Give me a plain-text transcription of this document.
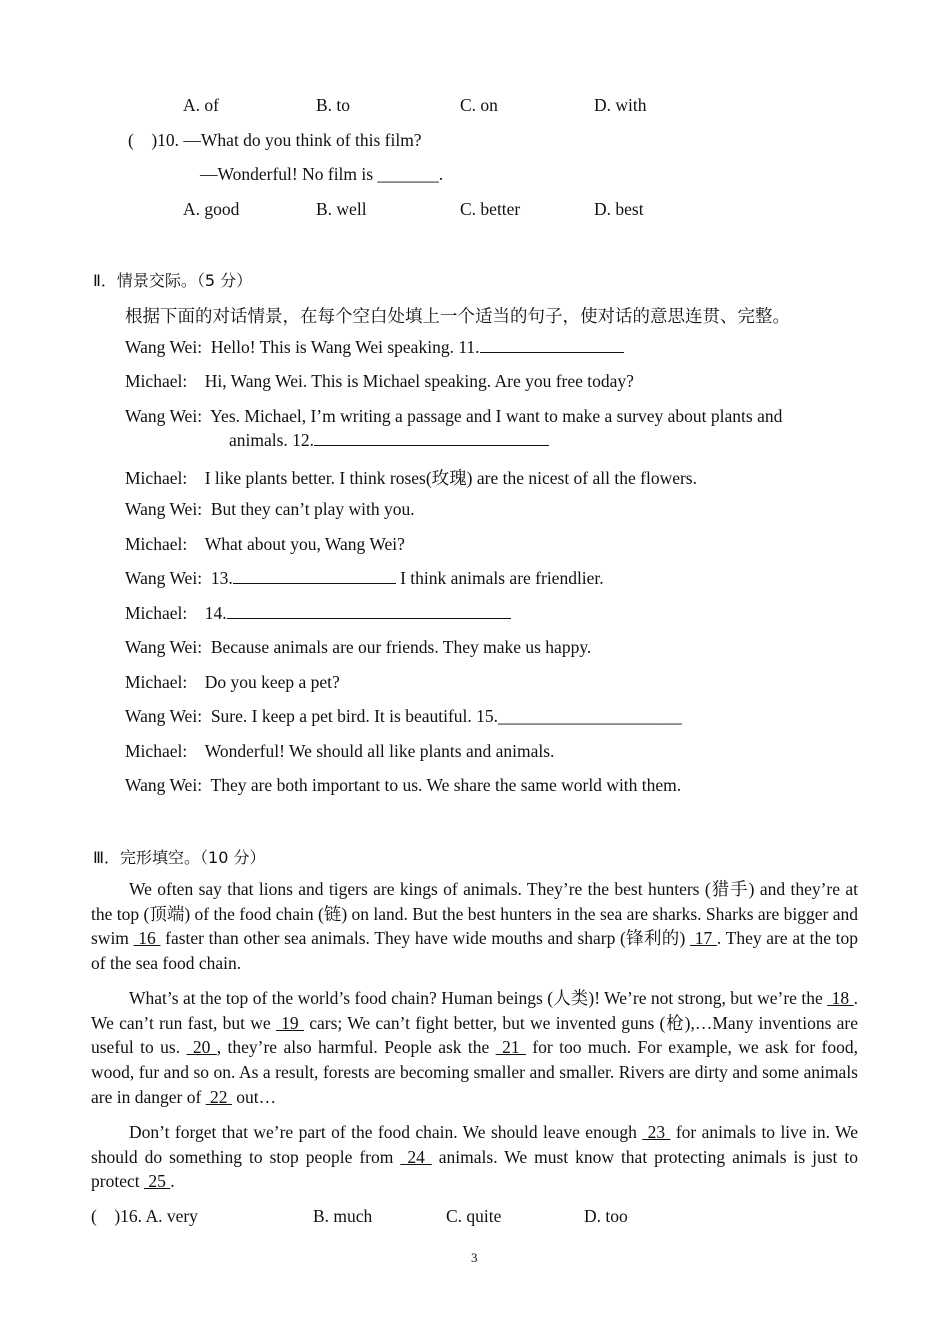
A. of	B. to	C. on	D. with
(    )10. —What do you think of this film?
—Wonderful! No film is _______.
A. good	B. well	C. better	D. best
Ⅱ．情景交际。（5 分）
根据下面的对话情景，在每个空白处填上一个适当的句子，使对话的意思连贯、完整。
Wang Wei: Hello! This is Wang Wei speaking. 11.
Michael: Hi, Wang Wei. This is Michael speaking. Are you free today?
Wang Wei: Yes. Michael, I’m writing a passage and I want to make a survey about plants and
animals. 12.
Michael: I like plants better. I think roses(玫瑰) are the nicest of all the flowers.
Wang Wei: But they can’t play with you.
Michael: What about you, Wang Wei?
Wang Wei: 13.	I think animals are friendlier.
Michael: 14.
Wang Wei: Because animals are our friends. They make us happy.
Michael: Do you keep a pet?
Wang Wei: Sure. I keep a pet bird. It is beautiful. 15._____________________
Michael: Wonderful! We should all like plants and animals.
Wang Wei: They are both important to us. We share the same world with them.
Ⅲ．完形填空。（10 分）
We often say that lions and tigers are kings of animals. They’re the best hunters (猎手) and they’re at the top (顶端) of the food chain (链) on land. But the best hunters in the sea are sharks. Sharks are bigger and swim  16  faster than other sea animals. They have wide mouths and sharp (锋利的)  17 . They are at the top of the sea food chain.
What’s at the top of the world’s food chain? Human beings (人类)! We’re not strong, but we’re the  18 . We can’t run fast, but we  19  cars; We can’t fight better, but we invented guns (枪),…Many inventions are useful to us.  20 , they’re also harmful. People ask the  21  for too much. For example, we ask for food, wood, fur and so on. As a result, forests are becoming smaller and smaller. Rivers are dirty and some animals are in danger of  22  out…
Don’t forget that we’re part of the food chain. We should leave enough  23  for animals to live in. We should do something to stop people from  24  animals. We must know that protecting animals is just to protect  25 .
(    )16. A. very	B. much	C. quite	D. too
3
